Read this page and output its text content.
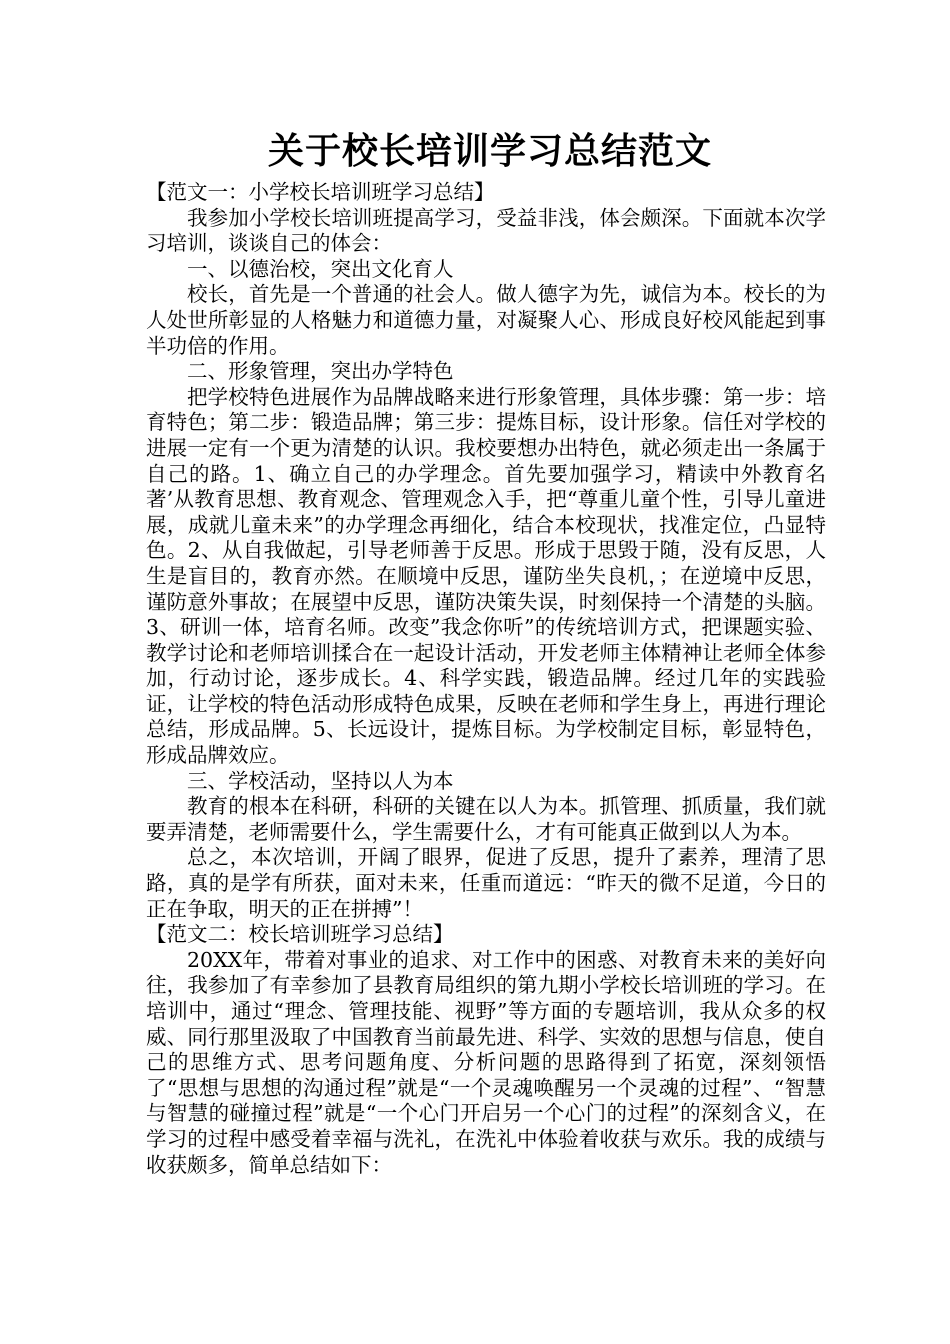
关于校长培训学习总结范文

【范文一：小学校长培训班学习总结】

我参加小学校长培训班提高学习，受益非浅，体会颇深。下面就本次学习培训，谈谈自己的体会：

一、以德治校，突出文化育人

校长，首先是一个普通的社会人。做人德字为先，诚信为本。校长的为人处世所彰显的人格魅力和道德力量，对凝聚人心、形成良好校风能起到事半功倍的作用。

二、形象管理，突出办学特色

把学校特色进展作为品牌战略来进行形象管理，具体步骤：第一步：培育特色；第二步：锻造品牌；第三步：提炼目标，设计形象。信任对学校的进展一定有一个更为清楚的认识。我校要想办出特色，就必须走出一条属于自己的路。1、确立自己的办学理念。首先要加强学习，精读中外教育名著’从教育思想、教育观念、管理观念入手，把“尊重儿童个性，引导儿童进展，成就儿童未来”的办学理念再细化，结合本校现状，找准定位，凸显特色。2、从自我做起，引导老师善于反思。形成于思毁于随，没有反思，人生是盲目的，教育亦然。在顺境中反思，谨防坐失良机，；在逆境中反思，谨防意外事故；在展望中反思，谨防决策失误，时刻保持一个清楚的头脑。3、研训一体，培育名师。改变”我念你听”的传统培训方式，把课题实验、教学讨论和老师培训揉合在一起设计活动，开发老师主体精神让老师全体参加，行动讨论，逐步成长。4、科学实践，锻造品牌。经过几年的实践验证，让学校的特色活动形成特色成果，反映在老师和学生身上，再进行理论总结，形成品牌。5、长远设计，提炼目标。为学校制定目标，彰显特色，形成品牌效应。

三、学校活动，坚持以人为本

教育的根本在科研，科研的关键在以人为本。抓管理、抓质量，我们就要弄清楚，老师需要什么，学生需要什么，才有可能真正做到以人为本。

总之，本次培训，开阔了眼界，促进了反思，提升了素养，理清了思路，真的是学有所获，面对未来，任重而道远：“昨天的微不足道，今日的正在争取，明天的正在拼搏”！

【范文二：校长培训班学习总结】

20XX年，带着对事业的追求、对工作中的困惑、对教育未来的美好向往，我参加了有幸参加了县教育局组织的第九期小学校长培训班的学习。在培训中，通过“理念、管理技能、视野”等方面的专题培训，我从众多的权威、同行那里汲取了中国教育当前最先进、科学、实效的思想与信息，使自己的思维方式、思考问题角度、分析问题的思路得到了拓宽，深刻领悟了“思想与思想的沟通过程”就是“一个灵魂唤醒另一个灵魂的过程”、“智慧与智慧的碰撞过程”就是“一个心门开启另一个心门的过程”的深刻含义，在学习的过程中感受着幸福与洗礼，在洗礼中体验着收获与欢乐。我的成绩与收获颇多，简单总结如下：
